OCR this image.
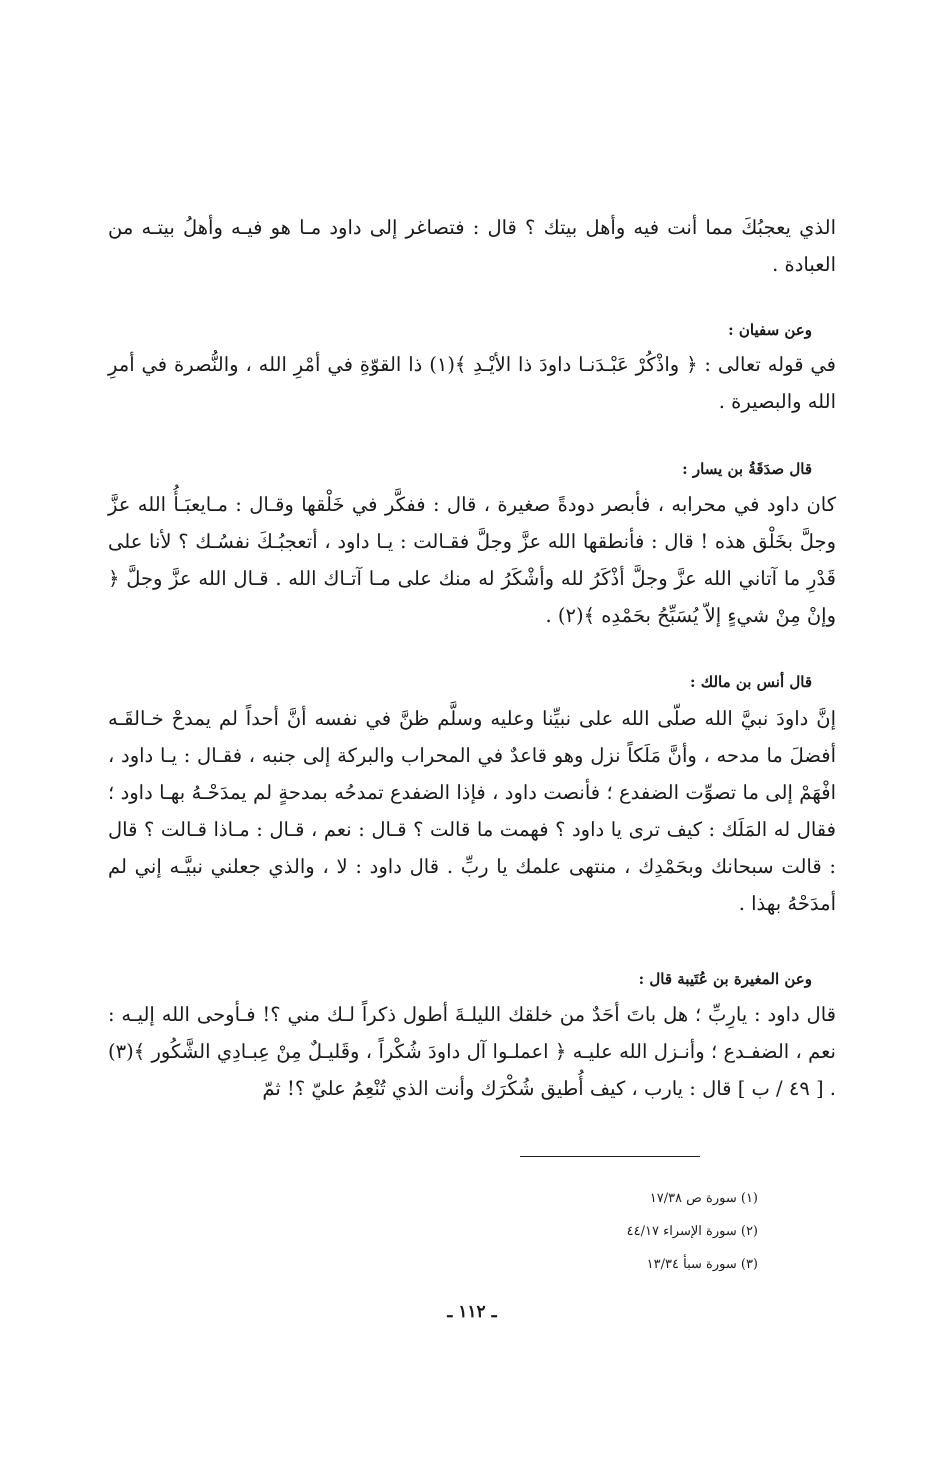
الذي يعجبُكَ مما أنت فيه وأهل بيتك ؟ قال : فتصاغر إلى داود مـا هو فيـه وأهلُ بيتـه من العبادة .

وعن سفيان :

في قوله تعالى : ﴿ واذْكُرْ عَبْـدَنـا داودَ ذا الأيْـدِ ﴾(١) ذا القوّةِ في أمْرِ الله ، والنُّصرة في أمرِ الله والبصيرة .

قال صدَقَةُ بن يسار :

كان داود في محرابه ، فأبصر دودةً صغيرة ، قال : ففكَّر في خَلْقها وقـال : مـايعبَـأُ الله عزَّ وجلَّ بخَلْق هذه ! قال : فأنطقها الله عزَّ وجلَّ فقـالت : يـا داود ، أتعجبُـكَ نفسُـك ؟ لأنا على قَدْرِ ما آتاني الله عزَّ وجلَّ أذْكَرُ لله وأشْكَرُ له منك على مـا آتـاك الله . قـال الله عزَّ وجلَّ ﴿ وإنْ مِنْ شيءٍ إلاّ يُسَبِّحُ بحَمْدِه ﴾(٢) .

قال أنس بن مالك :

إنَّ داودَ نبيَّ الله صلّى الله على نبيِّنا وعليه وسلَّم ظنَّ في نفسه أنَّ أحداً لم يمدحْ خـالقَـه أفضلَ ما مدحه ، وأنَّ مَلَكاً نزل وهو قاعدٌ في المحراب والبركة إلى جنبه ، فقـال : يـا داود ، افْهَمْ إلى ما تصوِّت الضفدع ؛ فأنصت داود ، فإذا الضفدع تمدحُه بمدحةٍ لم يمدَحْـهُ بهـا داود ؛ فقال له المَلَك : كيف ترى يا داود ؟ فهمت ما قالت ؟ قـال : نعم ، قـال : مـاذا قـالت ؟ قال : قالت سبحانك وبحَمْدِك ، منتهى علمك يا ربِّ . قال داود : لا ، والذي جعلني نبيَّـه إني لم أمدَحْهُ بهذا .

وعن المغيرة بن عُتَيبة قال :

قال داود : يارِبِّ ؛ هل باتَ أحَدٌ من خلقك الليلـةَ أطول ذكراً لـك مني ؟! فـأوحى الله إليـه : نعم ، الضفـدع ؛ وأنـزل الله عليـه ﴿ اعملـوا آل داودَ شُكْراً ، وقَليـلٌ مِنْ عِبـادِي الشَّكُور ﴾(٣) . [ ٤٩ / ب ] قال : يارب ، كيف أُطيق شُكْرَك وأنت الذي تُنْعِمُ عليّ ؟! ثمّ

(١) سورة ص ١٧/٣٨

(٢) سورة الإسراء ٤٤/١٧

(٣) سورة سبأ ١٣/٣٤

ـ ١١٢ ـ
